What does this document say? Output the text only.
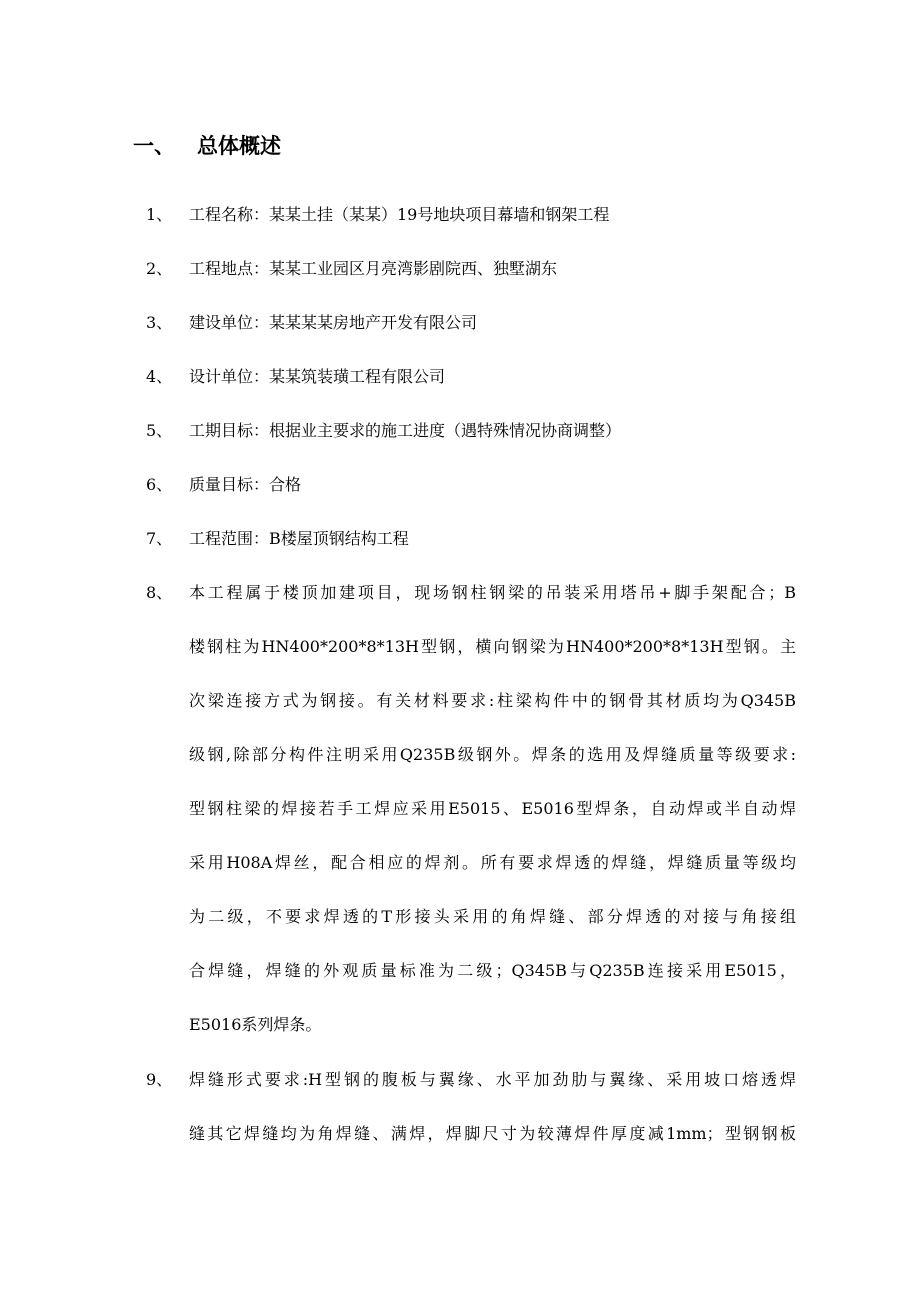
一、 总体概述
1、 工程名称：某某土挂（某某）19号地块项目幕墙和钢架工程
2、 工程地点：某某工业园区月亮湾影剧院西、独墅湖东
3、 建设单位：某某某某房地产开发有限公司
4、 设计单位：某某筑装璜工程有限公司
5、 工期目标：根据业主要求的施工进度（遇特殊情况协商调整）
6、 质量目标：合格
7、 工程范围：B楼屋顶钢结构工程
8、 本工程属于楼顶加建项目，现场钢柱钢梁的吊装采用塔吊+脚手架配合；B
楼钢柱为HN400*200*8*13H型钢，横向钢梁为HN400*200*8*13H型钢。主
次梁连接方式为钢接。有关材料要求:柱梁构件中的钢骨其材质均为Q345B
级钢,除部分构件注明采用Q235B级钢外。焊条的选用及焊缝质量等级要求:
型钢柱梁的焊接若手工焊应采用E5015、E5016型焊条，自动焊或半自动焊
采用H08A焊丝，配合相应的焊剂。所有要求焊透的焊缝，焊缝质量等级均
为二级，不要求焊透的T形接头采用的角焊缝、部分焊透的对接与角接组
合焊缝，焊缝的外观质量标准为二级；Q345B与Q235B连接采用E5015，
E5016系列焊条。
9、 焊缝形式要求:H型钢的腹板与翼缘、水平加劲肋与翼缘、采用坡口熔透焊
缝其它焊缝均为角焊缝、满焊，焊脚尺寸为较薄焊件厚度减1mm；型钢钢板
